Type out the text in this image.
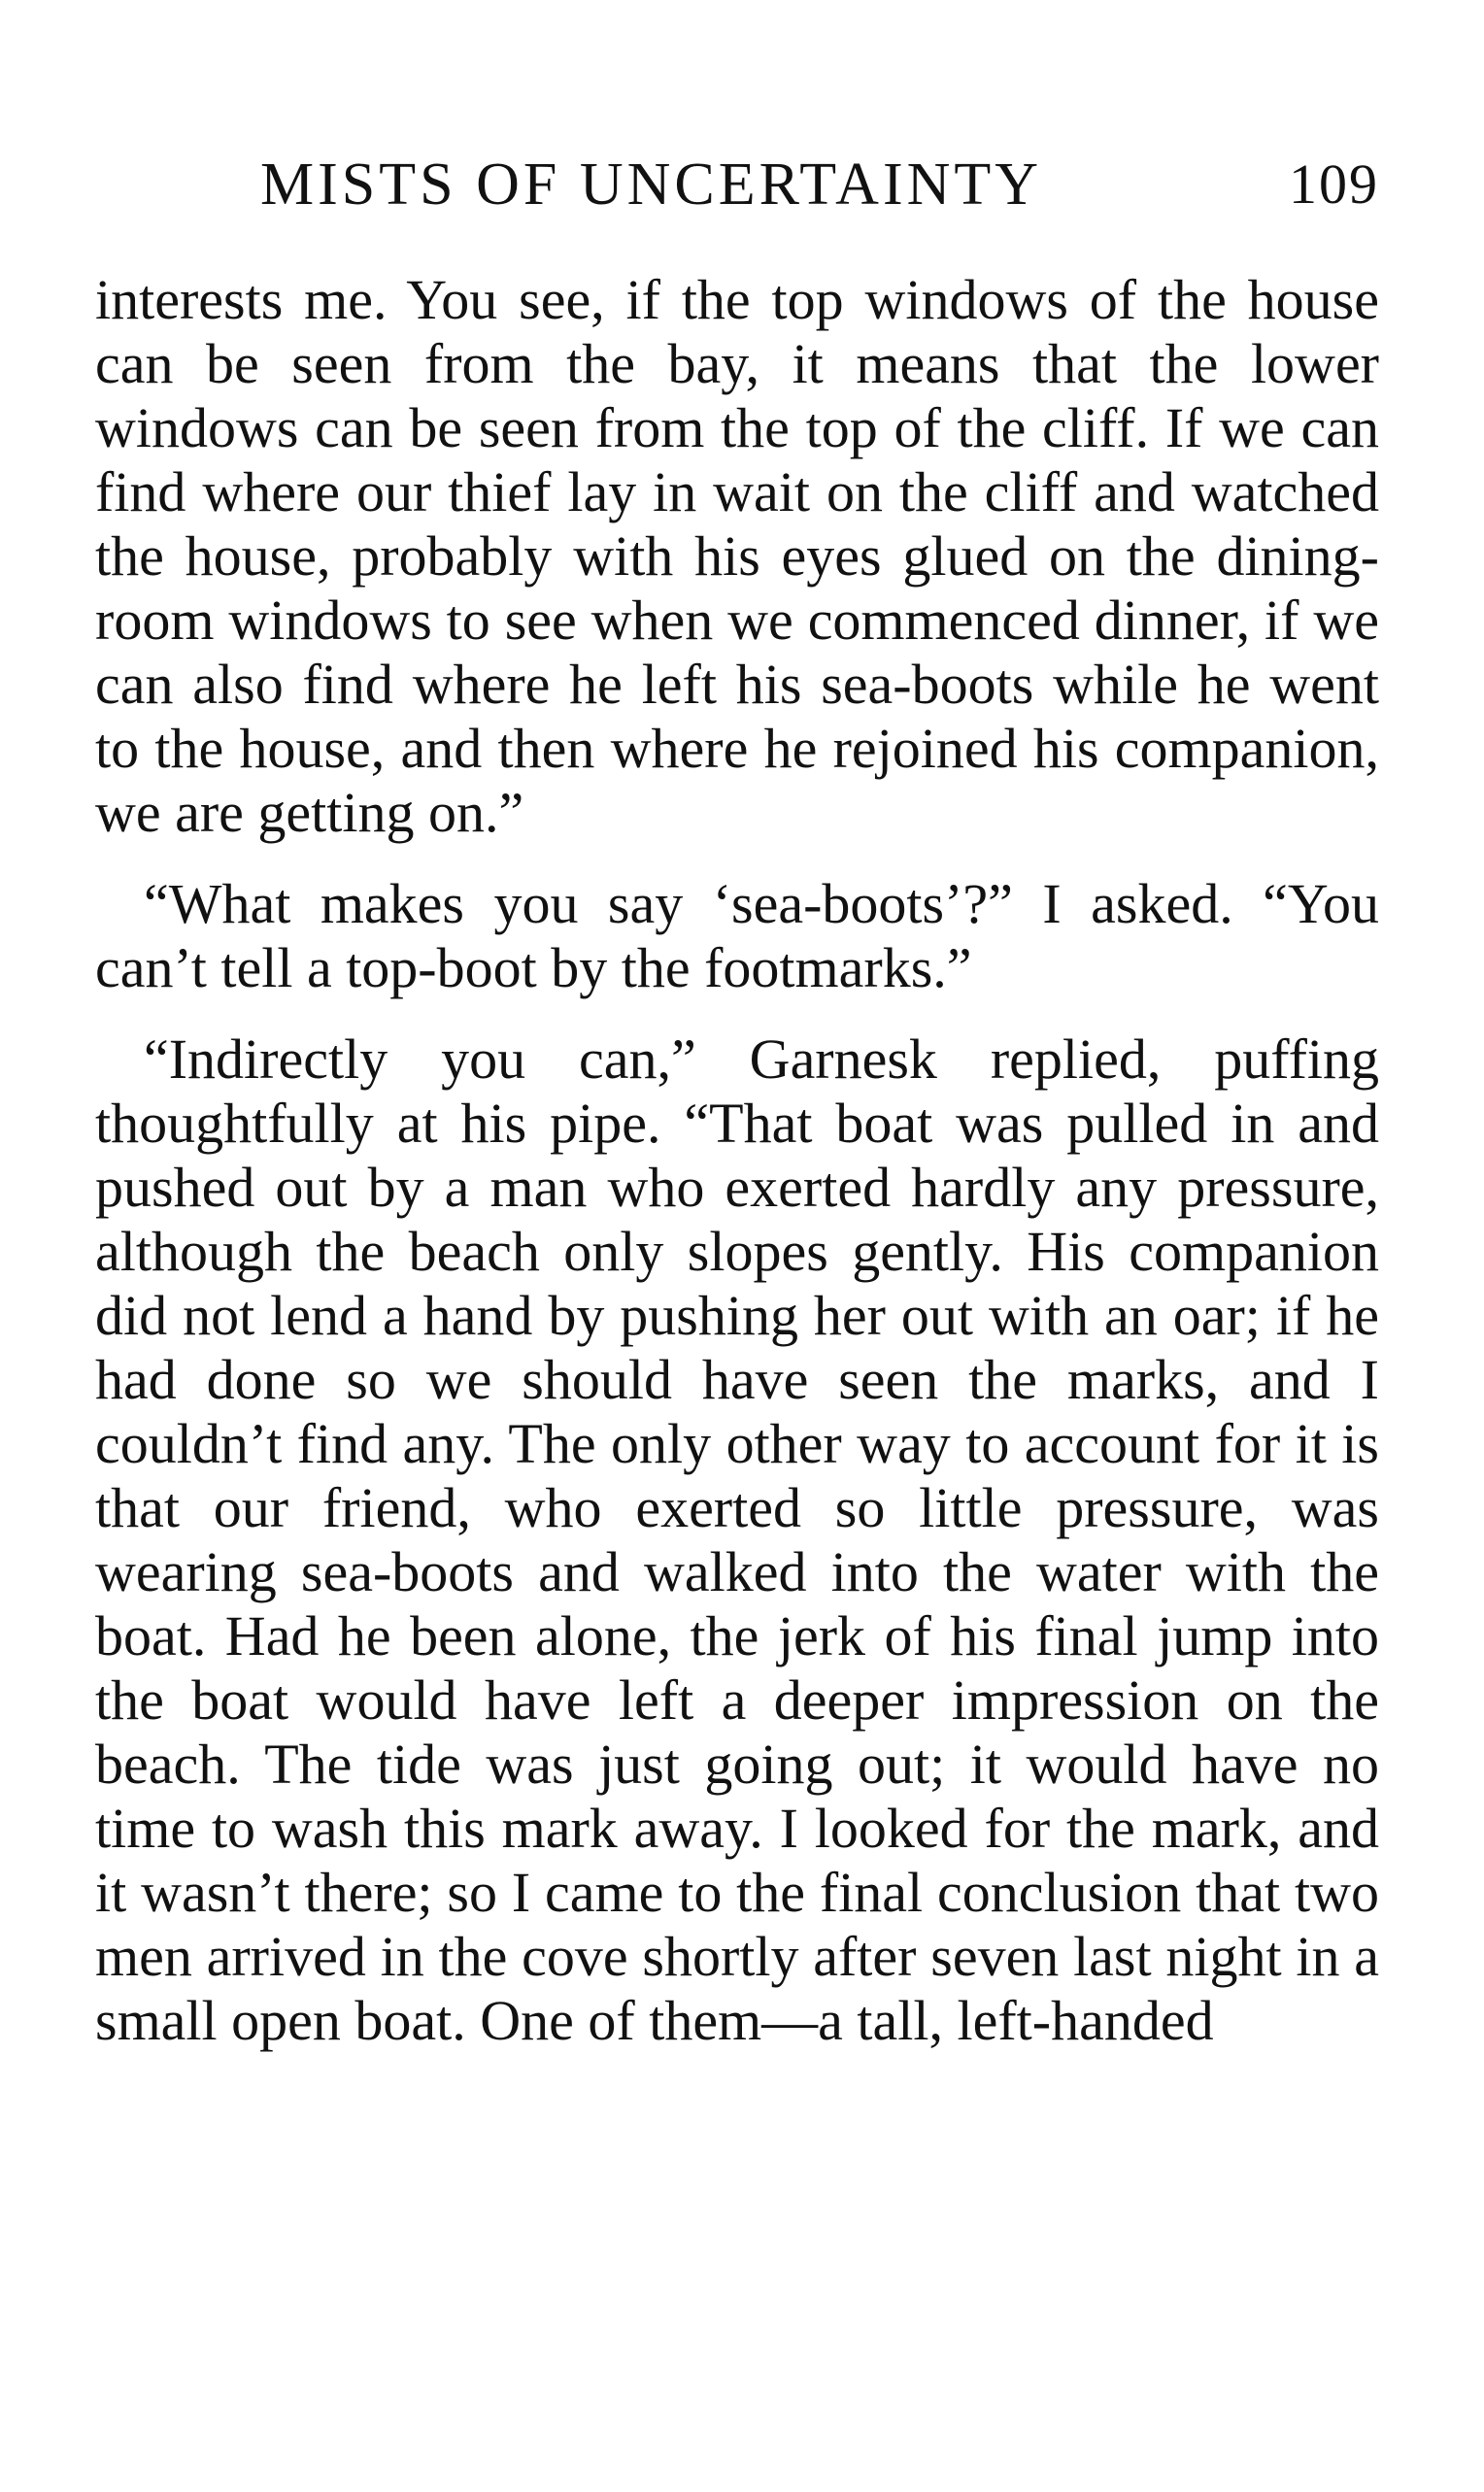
MISTS OF UNCERTAINTY	109

interests me. You see, if the top windows of the house can be seen from the bay, it means that the lower windows can be seen from the top of the cliff. If we can find where our thief lay in wait on the cliff and watched the house, probably with his eyes glued on the dining-room windows to see when we commenced dinner, if we can also find where he left his sea-boots while he went to the house, and then where he rejoined his companion, we are getting on.”

“What makes you say ‘sea-boots’?” I asked. “You can’t tell a top-boot by the footmarks.”

“Indirectly you can,” Garnesk replied, puffing thoughtfully at his pipe. “That boat was pulled in and pushed out by a man who exerted hardly any pressure, although the beach only slopes gently. His companion did not lend a hand by pushing her out with an oar; if he had done so we should have seen the marks, and I couldn’t find any. The only other way to account for it is that our friend, who exerted so little pressure, was wearing sea-boots and walked into the water with the boat. Had he been alone, the jerk of his final jump into the boat would have left a deeper impression on the beach. The tide was just going out; it would have no time to wash this mark away. I looked for the mark, and it wasn’t there; so I came to the final conclusion that two men arrived in the cove shortly after seven last night in a small open boat. One of them—a tall, left-handed
